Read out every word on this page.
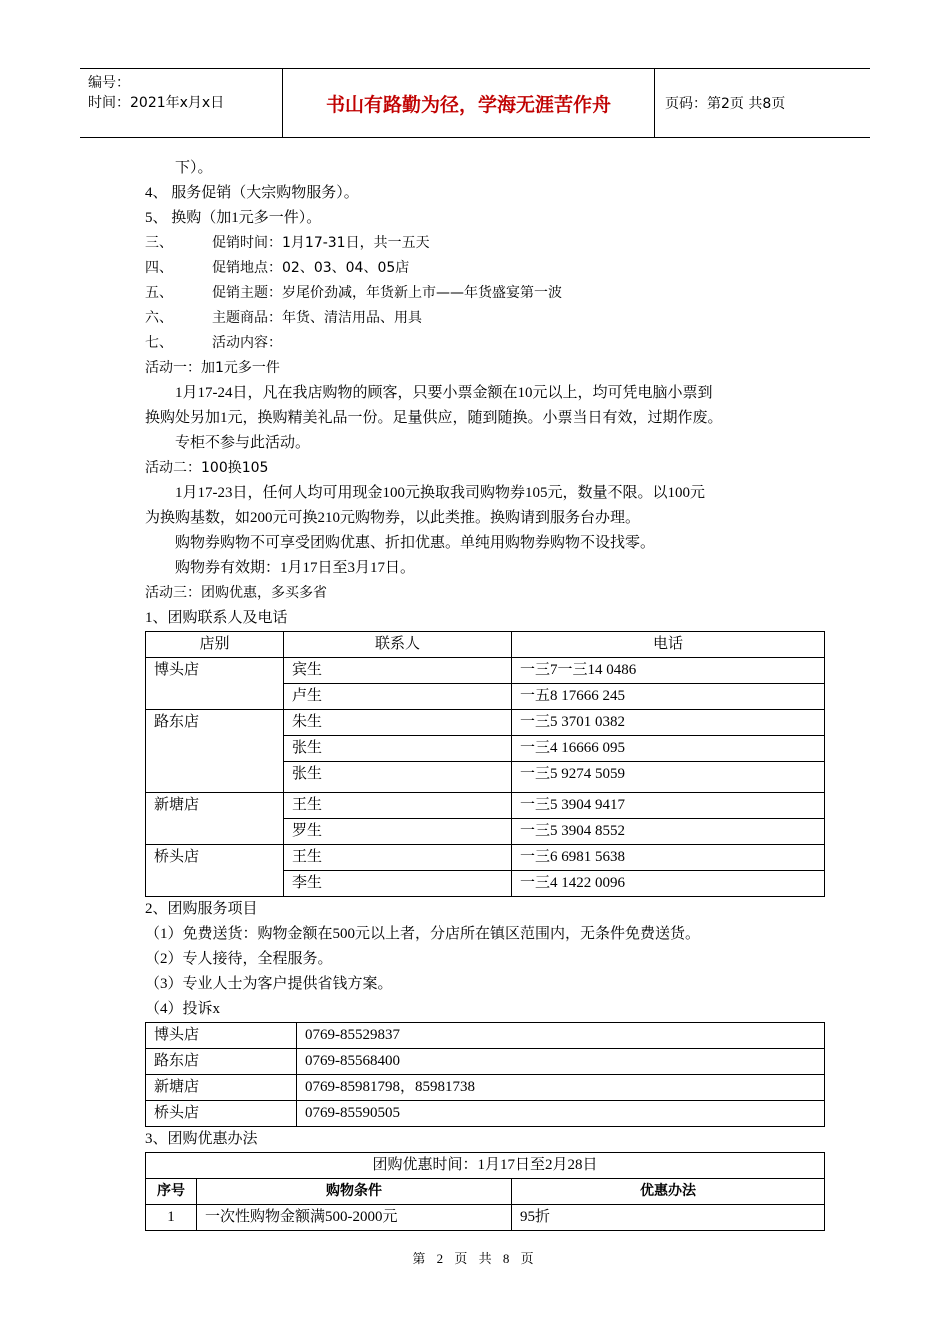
编号：
时间：2021年x月x日	书山有路勤为径，学海无涯苦作舟	页码：第2页 共8页
下）。
4、 服务促销（大宗购物服务）。
5、 换购（加1元多一件）。
三、	促销时间：1月17-31日，共一五天
四、	促销地点：02、03、04、05店
五、	促销主题：岁尾价劲减，年货新上市——年货盛宴第一波
六、	主题商品：年货、清洁用品、用具
七、	活动内容：
活动一：加1元多一件
1月17-24日，凡在我店购物的顾客，只要小票金额在10元以上，均可凭电脑小票到
换购处另加1元，换购精美礼品一份。足量供应，随到随换。小票当日有效，过期作废。
专柜不参与此活动。
活动二：100换105
1月17-23日，任何人均可用现金100元换取我司购物券105元，数量不限。以100元
为换购基数，如200元可换210元购物券，以此类推。换购请到服务台办理。
购物券购物不可享受团购优惠、折扣优惠。单纯用购物券购物不设找零。
购物券有效期：1月17日至3月17日。
活动三：团购优惠，多买多省
1、团购联系人及电话
店别	联系人	电话
博头店	宾生	一三7一三14 0486
	卢生	一五8 17666 245
路东店	朱生	一三5 3701 0382
	张生	一三4 16666 095
	张生	一三5 9274 5059
新塘店	王生	一三5 3904 9417
	罗生	一三5 3904 8552
桥头店	王生	一三6 6981 5638
	李生	一三4 1422 0096
2、团购服务项目
（1）免费送货：购物金额在500元以上者，分店所在镇区范围内，无条件免费送货。
（2）专人接待，全程服务。
（3）专业人士为客户提供省钱方案。
（4）投诉x
博头店	0769-85529837
路东店	0769-85568400
新塘店	0769-85981798，85981738
桥头店	0769-85590505
3、团购优惠办法
团购优惠时间：1月17日至2月28日		
序号	购物条件	优惠办法
1	一次性购物金额满500-2000元	95折
第 2 页 共 8 页
